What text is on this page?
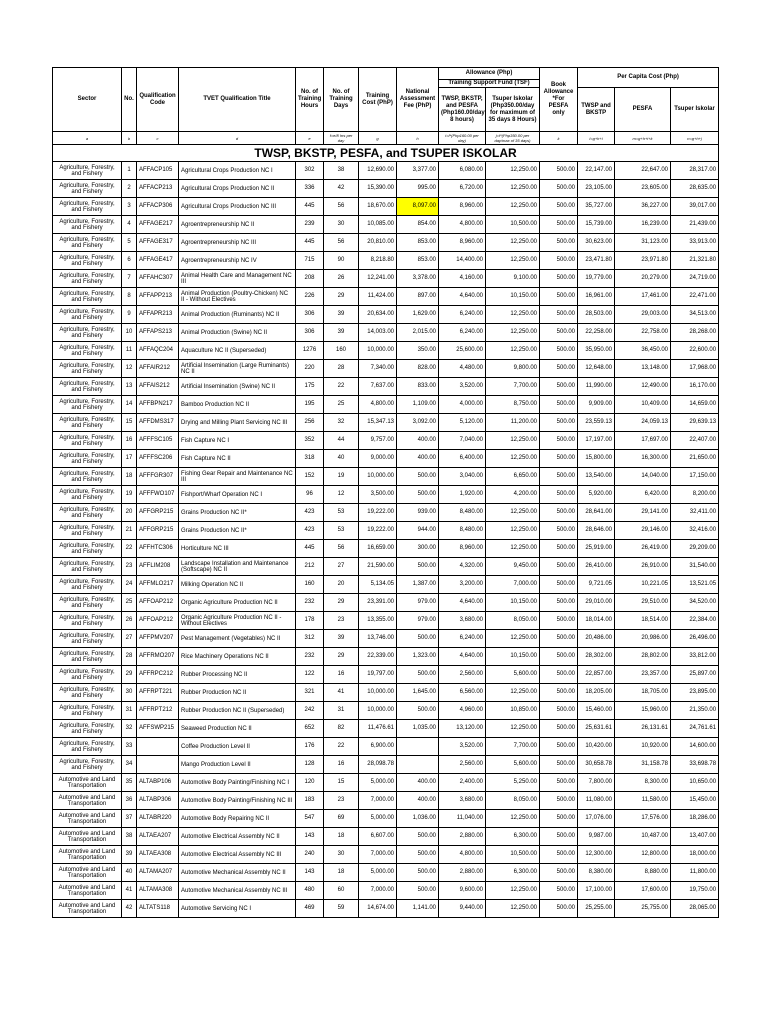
Sector	No.	Qualification Code	TVET Qualification Title	No. of Training Hours	No. of Training Days	Training Cost (PhP)	National Assessment Fee (PhP)	Allowance (Php)		Book Allowance *For PESFA only	Per Capita Cost (Php)		
								Training Support Fund (TSF)					
								TWSP, BKSTP, and PESFA (Php160.00/day 8 hours)	Tsuper Iskolar (Php350.00/day for maximum of 35 days 8 Hours)		TWSP and BKSTP	PESFA	Tsuper Iskolar
a	b	c	d	e	f=e/8 hrs per day	g	h	i=f*(Php160.00 per day)	j=f*(Php350.00 per day/max of 35 days)	k	l=g+h+i	m=g+h+i+k	n=g+h+j
TWSP, BKSTP, PESFA, and TSUPER ISKOLAR													
Agriculture, Forestry, and Fishery	1	AFFACP105	Agricultural Crops Production NC I	302	38	12,690.00	3,377.00	6,080.00	12,250.00	500.00	22,147.00	22,647.00	28,317.00
Agriculture, Forestry, and Fishery	2	AFFACP213	Agricultural Crops Production NC II	336	42	15,390.00	995.00	6,720.00	12,250.00	500.00	23,105.00	23,605.00	28,635.00
Agriculture, Forestry, and Fishery	3	AFFACP306	Agricultural Crops Production NC III	445	56	18,670.00	8,097.00	8,960.00	12,250.00	500.00	35,727.00	36,227.00	39,017.00
Agriculture, Forestry, and Fishery	4	AFFAGE217	Agroentrepreneurship NC II	239	30	10,085.00	854.00	4,800.00	10,500.00	500.00	15,739.00	16,239.00	21,439.00
Agriculture, Forestry, and Fishery	5	AFFAGE317	Agroentrepreneurship NC III	445	56	20,810.00	853.00	8,960.00	12,250.00	500.00	30,623.00	31,123.00	33,913.00
Agriculture, Forestry, and Fishery	6	AFFAGE417	Agroentrepreneurship NC IV	715	90	8,218.80	853.00	14,400.00	12,250.00	500.00	23,471.80	23,971.80	21,321.80
Agriculture, Forestry, and Fishery	7	AFFAHC307	Animal Health Care and Management NC III	208	26	12,241.00	3,378.00	4,160.00	9,100.00	500.00	19,779.00	20,279.00	24,719.00
Agriculture, Forestry, and Fishery	8	AFFAPP213	Animal Production (Poultry-Chicken) NC II - Without Electives	226	29	11,424.00	897.00	4,640.00	10,150.00	500.00	16,961.00	17,461.00	22,471.00
Agriculture, Forestry, and Fishery	9	AFFAPR213	Animal Production (Ruminants) NC II	306	39	20,634.00	1,629.00	6,240.00	12,250.00	500.00	28,503.00	29,003.00	34,513.00
Agriculture, Forestry, and Fishery	10	AFFAPS213	Animal Production (Swine) NC II	306	39	14,003.00	2,015.00	6,240.00	12,250.00	500.00	22,258.00	22,758.00	28,268.00
Agriculture, Forestry, and Fishery	11	AFFAQC204	Aquaculture NC II (Superseded)	1276	160	10,000.00	350.00	25,600.00	12,250.00	500.00	35,950.00	36,450.00	22,600.00
Agriculture, Forestry, and Fishery	12	AFFAIR212	Artificial Insemination (Large Ruminants) NC II	220	28	7,340.00	828.00	4,480.00	9,800.00	500.00	12,648.00	13,148.00	17,968.00
Agriculture, Forestry, and Fishery	13	AFFAIS212	Artificial Insemination (Swine) NC II	175	22	7,637.00	833.00	3,520.00	7,700.00	500.00	11,990.00	12,490.00	16,170.00
Agriculture, Forestry, and Fishery	14	AFFBPN217	Bamboo Production NC II	195	25	4,800.00	1,109.00	4,000.00	8,750.00	500.00	9,909.00	10,409.00	14,659.00
Agriculture, Forestry, and Fishery	15	AFFDMS317	Drying and Milling Plant Servicing NC III	256	32	15,347.13	3,092.00	5,120.00	11,200.00	500.00	23,559.13	24,059.13	29,639.13
Agriculture, Forestry, and Fishery	16	AFFFSC105	Fish Capture NC I	352	44	9,757.00	400.00	7,040.00	12,250.00	500.00	17,197.00	17,697.00	22,407.00
Agriculture, Forestry, and Fishery	17	AFFFSC206	Fish Capture NC II	318	40	9,000.00	400.00	6,400.00	12,250.00	500.00	15,800.00	16,300.00	21,650.00
Agriculture, Forestry, and Fishery	18	AFFFGR307	Fishing Gear Repair and Maintenance NC III	152	19	10,000.00	500.00	3,040.00	6,650.00	500.00	13,540.00	14,040.00	17,150.00
Agriculture, Forestry, and Fishery	19	AFFFWO107	Fishport/Wharf Operation NC I	96	12	3,500.00	500.00	1,920.00	4,200.00	500.00	5,920.00	6,420.00	8,200.00
Agriculture, Forestry, and Fishery	20	AFFGRP215	Grains Production NC II*	423	53	19,222.00	939.00	8,480.00	12,250.00	500.00	28,641.00	29,141.00	32,411.00
Agriculture, Forestry, and Fishery	21	AFFGRP215	Grains Production NC II*	423	53	19,222.00	944.00	8,480.00	12,250.00	500.00	28,646.00	29,146.00	32,416.00
Agriculture, Forestry, and Fishery	22	AFFHTC306	Horticulture NC III	445	56	16,659.00	300.00	8,960.00	12,250.00	500.00	25,919.00	26,419.00	29,209.00
Agriculture, Forestry, and Fishery	23	AFFLIM208	Landscape Installation and Maintenance (Softscape) NC II	212	27	21,590.00	500.00	4,320.00	9,450.00	500.00	26,410.00	26,910.00	31,540.00
Agriculture, Forestry, and Fishery	24	AFFMLO217	Milking Operation NC II	160	20	5,134.05	1,387.00	3,200.00	7,000.00	500.00	9,721.05	10,221.05	13,521.05
Agriculture, Forestry, and Fishery	25	AFFOAP212	Organic Agriculture Production NC II	232	29	23,391.00	979.00	4,640.00	10,150.00	500.00	29,010.00	29,510.00	34,520.00
Agriculture, Forestry, and Fishery	26	AFFOAP212	Organic Agriculture Production NC II - Without Electives	178	23	13,355.00	979.00	3,680.00	8,050.00	500.00	18,014.00	18,514.00	22,384.00
Agriculture, Forestry, and Fishery	27	AFFPMV207	Pest Management (Vegetables) NC II	312	39	13,746.00	500.00	6,240.00	12,250.00	500.00	20,486.00	20,986.00	26,496.00
Agriculture, Forestry, and Fishery	28	AFFRMO207	Rice Machinery Operations NC II	232	29	22,339.00	1,323.00	4,640.00	10,150.00	500.00	28,302.00	28,802.00	33,812.00
Agriculture, Forestry, and Fishery	29	AFFRPC212	Rubber Processing NC II	122	16	19,797.00	500.00	2,560.00	5,600.00	500.00	22,857.00	23,357.00	25,897.00
Agriculture, Forestry, and Fishery	30	AFFRPT221	Rubber Production NC II	321	41	10,000.00	1,645.00	6,560.00	12,250.00	500.00	18,205.00	18,705.00	23,895.00
Agriculture, Forestry, and Fishery	31	AFFRPT212	Rubber Production NC II (Superseded)	242	31	10,000.00	500.00	4,960.00	10,850.00	500.00	15,460.00	15,960.00	21,350.00
Agriculture, Forestry, and Fishery	32	AFFSWP215	Seaweed Production NC II	652	82	11,476.61	1,035.00	13,120.00	12,250.00	500.00	25,631.61	26,131.61	24,761.61
Agriculture, Forestry, and Fishery	33		Coffee Production Level II	176	22	6,900.00		3,520.00	7,700.00	500.00	10,420.00	10,920.00	14,600.00
Agriculture, Forestry, and Fishery	34		Mango Production Level II	128	16	28,098.78		2,560.00	5,600.00	500.00	30,658.78	31,158.78	33,698.78
Automotive and Land Transportation	35	ALTABP106	Automotive Body Painting/Finishing NC I	120	15	5,000.00	400.00	2,400.00	5,250.00	500.00	7,800.00	8,300.00	10,650.00
Automotive and Land Transportation	36	ALTABP306	Automotive Body Painting/Finishing NC III	183	23	7,000.00	400.00	3,680.00	8,050.00	500.00	11,080.00	11,580.00	15,450.00
Automotive and Land Transportation	37	ALTABR220	Automotive Body Repairing NC II	547	69	5,000.00	1,036.00	11,040.00	12,250.00	500.00	17,076.00	17,576.00	18,286.00
Automotive and Land Transportation	38	ALTAEA207	Automotive Electrical Assembly NC II	143	18	6,607.00	500.00	2,880.00	6,300.00	500.00	9,987.00	10,487.00	13,407.00
Automotive and Land Transportation	39	ALTAEA308	Automotive Electrical Assembly NC III	240	30	7,000.00	500.00	4,800.00	10,500.00	500.00	12,300.00	12,800.00	18,000.00
Automotive and Land Transportation	40	ALTAMA207	Automotive Mechanical Assembly NC II	143	18	5,000.00	500.00	2,880.00	6,300.00	500.00	8,380.00	8,880.00	11,800.00
Automotive and Land Transportation	41	ALTAMA308	Automotive Mechanical Assembly NC III	480	60	7,000.00	500.00	9,600.00	12,250.00	500.00	17,100.00	17,600.00	19,750.00
Automotive and Land Transportation	42	ALTATS118	Automotive Servicing NC I	469	59	14,674.00	1,141.00	9,440.00	12,250.00	500.00	25,255.00	25,755.00	28,065.00
